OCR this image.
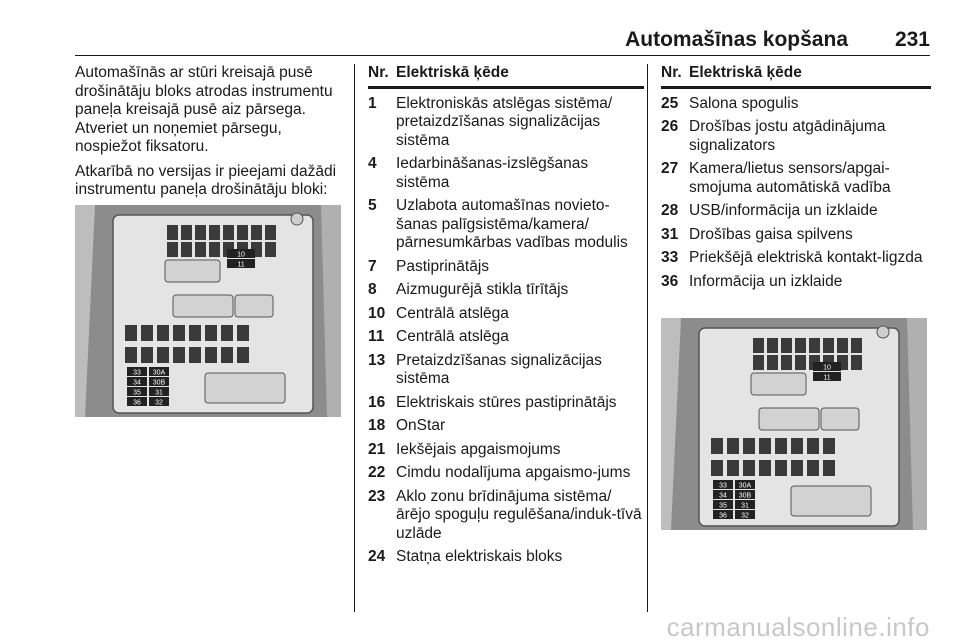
Automašīnas kopšana	231

Automašīnās ar stūri kreisajā pusē drošinātāju bloks atrodas instrumentu paneļa kreisajā pusē aiz pārsega. Atveriet un noņemiet pārsegu, nospiežot fiksatoru.

Atkarībā no versijas ir pieejami dažādi instrumentu paneļa drošinātāju bloki:

10
11
33
34
35
36
30A
30B
31
32
Nr. Elektriskā ķēde
1	Elektroniskās atslēgas sistēma/ pretaizdzīšanas signalizācijas sistēma
4	Iedarbināšanas-izslēgšanas sistēma
5	Uzlabota automašīnas novieto-šanas palīgsistēma/kamera/ pārnesumkārbas vadības modulis
7	Pastiprinātājs
8	Aizmugurējā stikla tīrītājs
10 Centrālā atslēga
11 Centrālā atslēga
13 Pretaizdzīšanas signalizācijas sistēma
16 Elektriskais stūres pastiprinātājs
18 OnStar
21 Iekšējais apgaismojums
22 Cimdu nodalījuma apgaismo-jums
23 Aklo zonu brīdinājuma sistēma/ ārējo spoguļu regulēšana/induk-tīvā uzlāde
24 Statņa elektriskais bloks
Nr. Elektriskā ķēde
25 Salona spogulis
26 Drošības jostu atgādinājuma signalizators
27 Kamera/lietus sensors/apgai-smojuma automātiskā vadība
28 USB/informācija un izklaide
31 Drošības gaisa spilvens
33 Priekšējā elektriskā kontakt-ligzda
36 Informācija un izklaide
10
11
33
34
35
36
30A
30B
31
32
carmanualsonline.info
